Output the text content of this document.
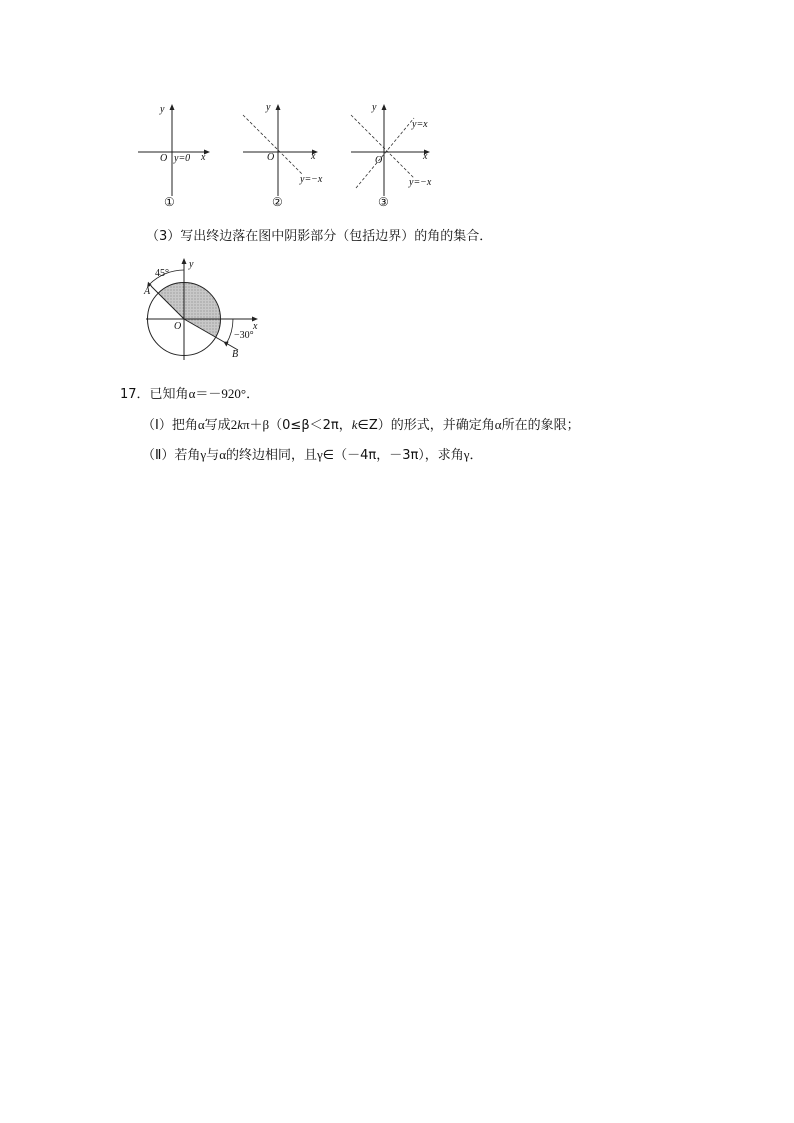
y
x
O y=0
①
y
x
O
y=−x
②
y
x
O
y=x
y=−x
③
（3）写出终边落在图中阴影部分（包括边界）的角的集合．
y
x
O
A
B
45°
−30°
17．已知角α＝－920°．
（Ⅰ）把角α写成2kπ＋β（0≤β＜2π，k∈Z）的形式，并确定角α所在的象限；
（Ⅱ）若角γ与α的终边相同，且γ∈（－4π，－3π），求角γ．
